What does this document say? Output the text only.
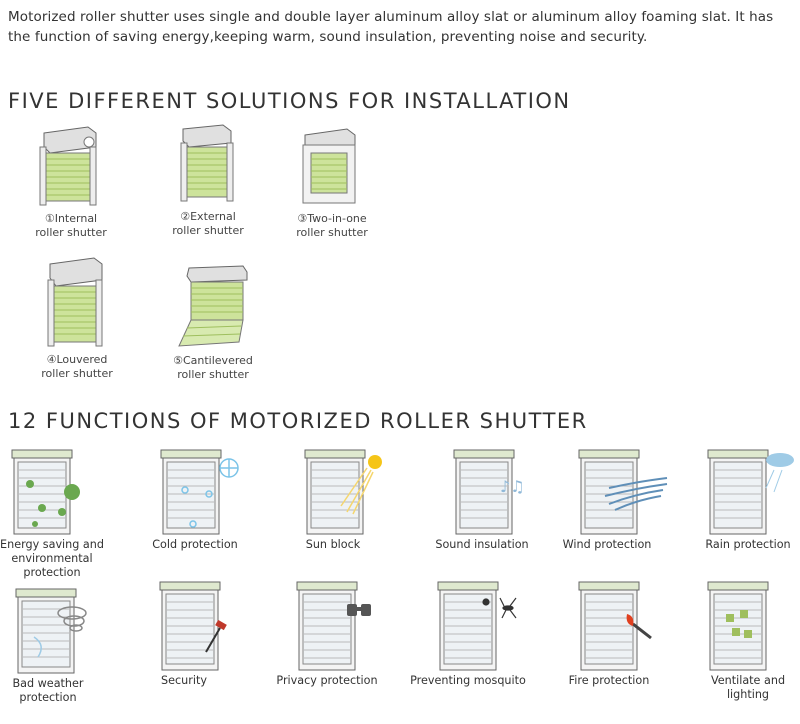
Motorized roller shutter uses single and double layer aluminum alloy slat or aluminum alloy foaming slat. It has the function of saving energy,keeping warm, sound insulation, preventing noise and security.
FIVE DIFFERENT SOLUTIONS FOR INSTALLATION
①Internal
roller shutter
②External
roller shutter
③Two-in-one
roller shutter
④Louvered
roller shutter
⑤Cantilevered
roller shutter
12 FUNCTIONS OF MOTORIZED ROLLER SHUTTER
Energy saving and
environmental
protection
Cold protection	Sun block
♪♫
Sound insulation	Wind protection	Rain protection
Bad weather
protection
Security	Privacy protection	Preventing mosquito	Fire protection	Ventilate and
lighting
